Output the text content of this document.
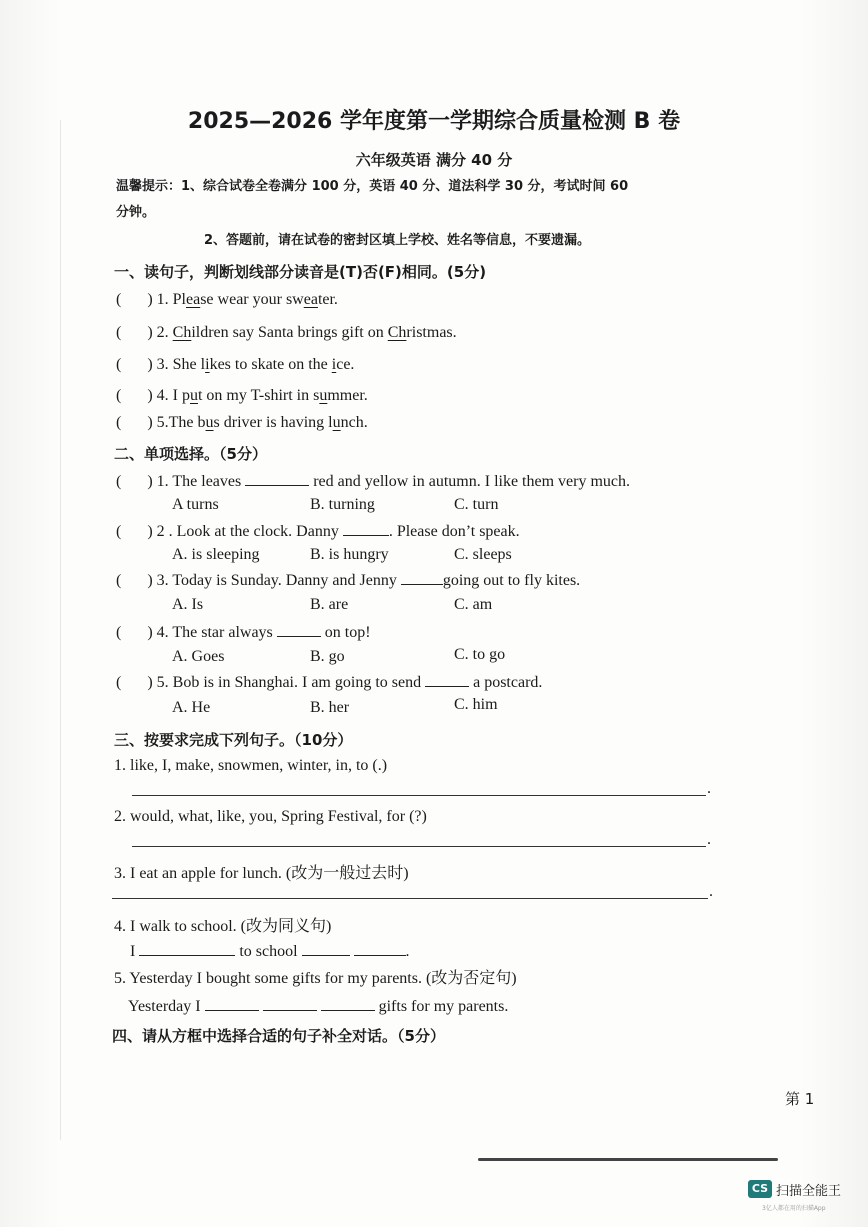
2025—2026 学年度第一学期综合质量检测 B 卷
六年级英语 满分 40 分
温馨提示：1、综合试卷全卷满分 100 分，英语 40 分、道法科学 30 分，考试时间 60
分钟。
2、答题前，请在试卷的密封区填上学校、姓名等信息，不要遗漏。
一、读句子，判断划线部分读音是(T)否(F)相同。(5分)
( ) 1. Please wear your sweater.
( ) 2. Children say Santa brings gift on Christmas.
( ) 3. She likes to skate on the ice.
( ) 4. I put on my T-shirt in summer.
( ) 5.The bus driver is having lunch.
二、单项选择。（5分）
( ) 1. The leaves	red and yellow in autumn. I like them very much.
A turns	B. turning	C. turn
( ) 2 . Look at the clock. Danny	. Please don’t speak.
A. is sleeping	B. is hungry	C. sleeps
( ) 3. Today is Sunday. Danny and Jenny	going out to fly kites.
A. Is	B. are	C. am
( ) 4. The star always	on top!
A. Goes	B. go	C. to go
( ) 5. Bob is in Shanghai. I am going to send	a postcard.
A. He	B. her	C. him
三、按要求完成下列句子。（10分）
1. like, I, make, snowmen, winter, in, to (.)
.
2. would, what, like, you, Spring Festival, for (?)
.
3. I eat an apple for lunch. (改为一般过去时)
.
4. I walk to school. (改为同义句)
I	to school	.
5. Yesterday I bought some gifts for my parents. (改为否定句)
Yesterday I	gifts for my parents.
四、请从方框中选择合适的句子补全对话。（5分）
第 1
CS 扫描全能王
3亿人都在用的扫描App
